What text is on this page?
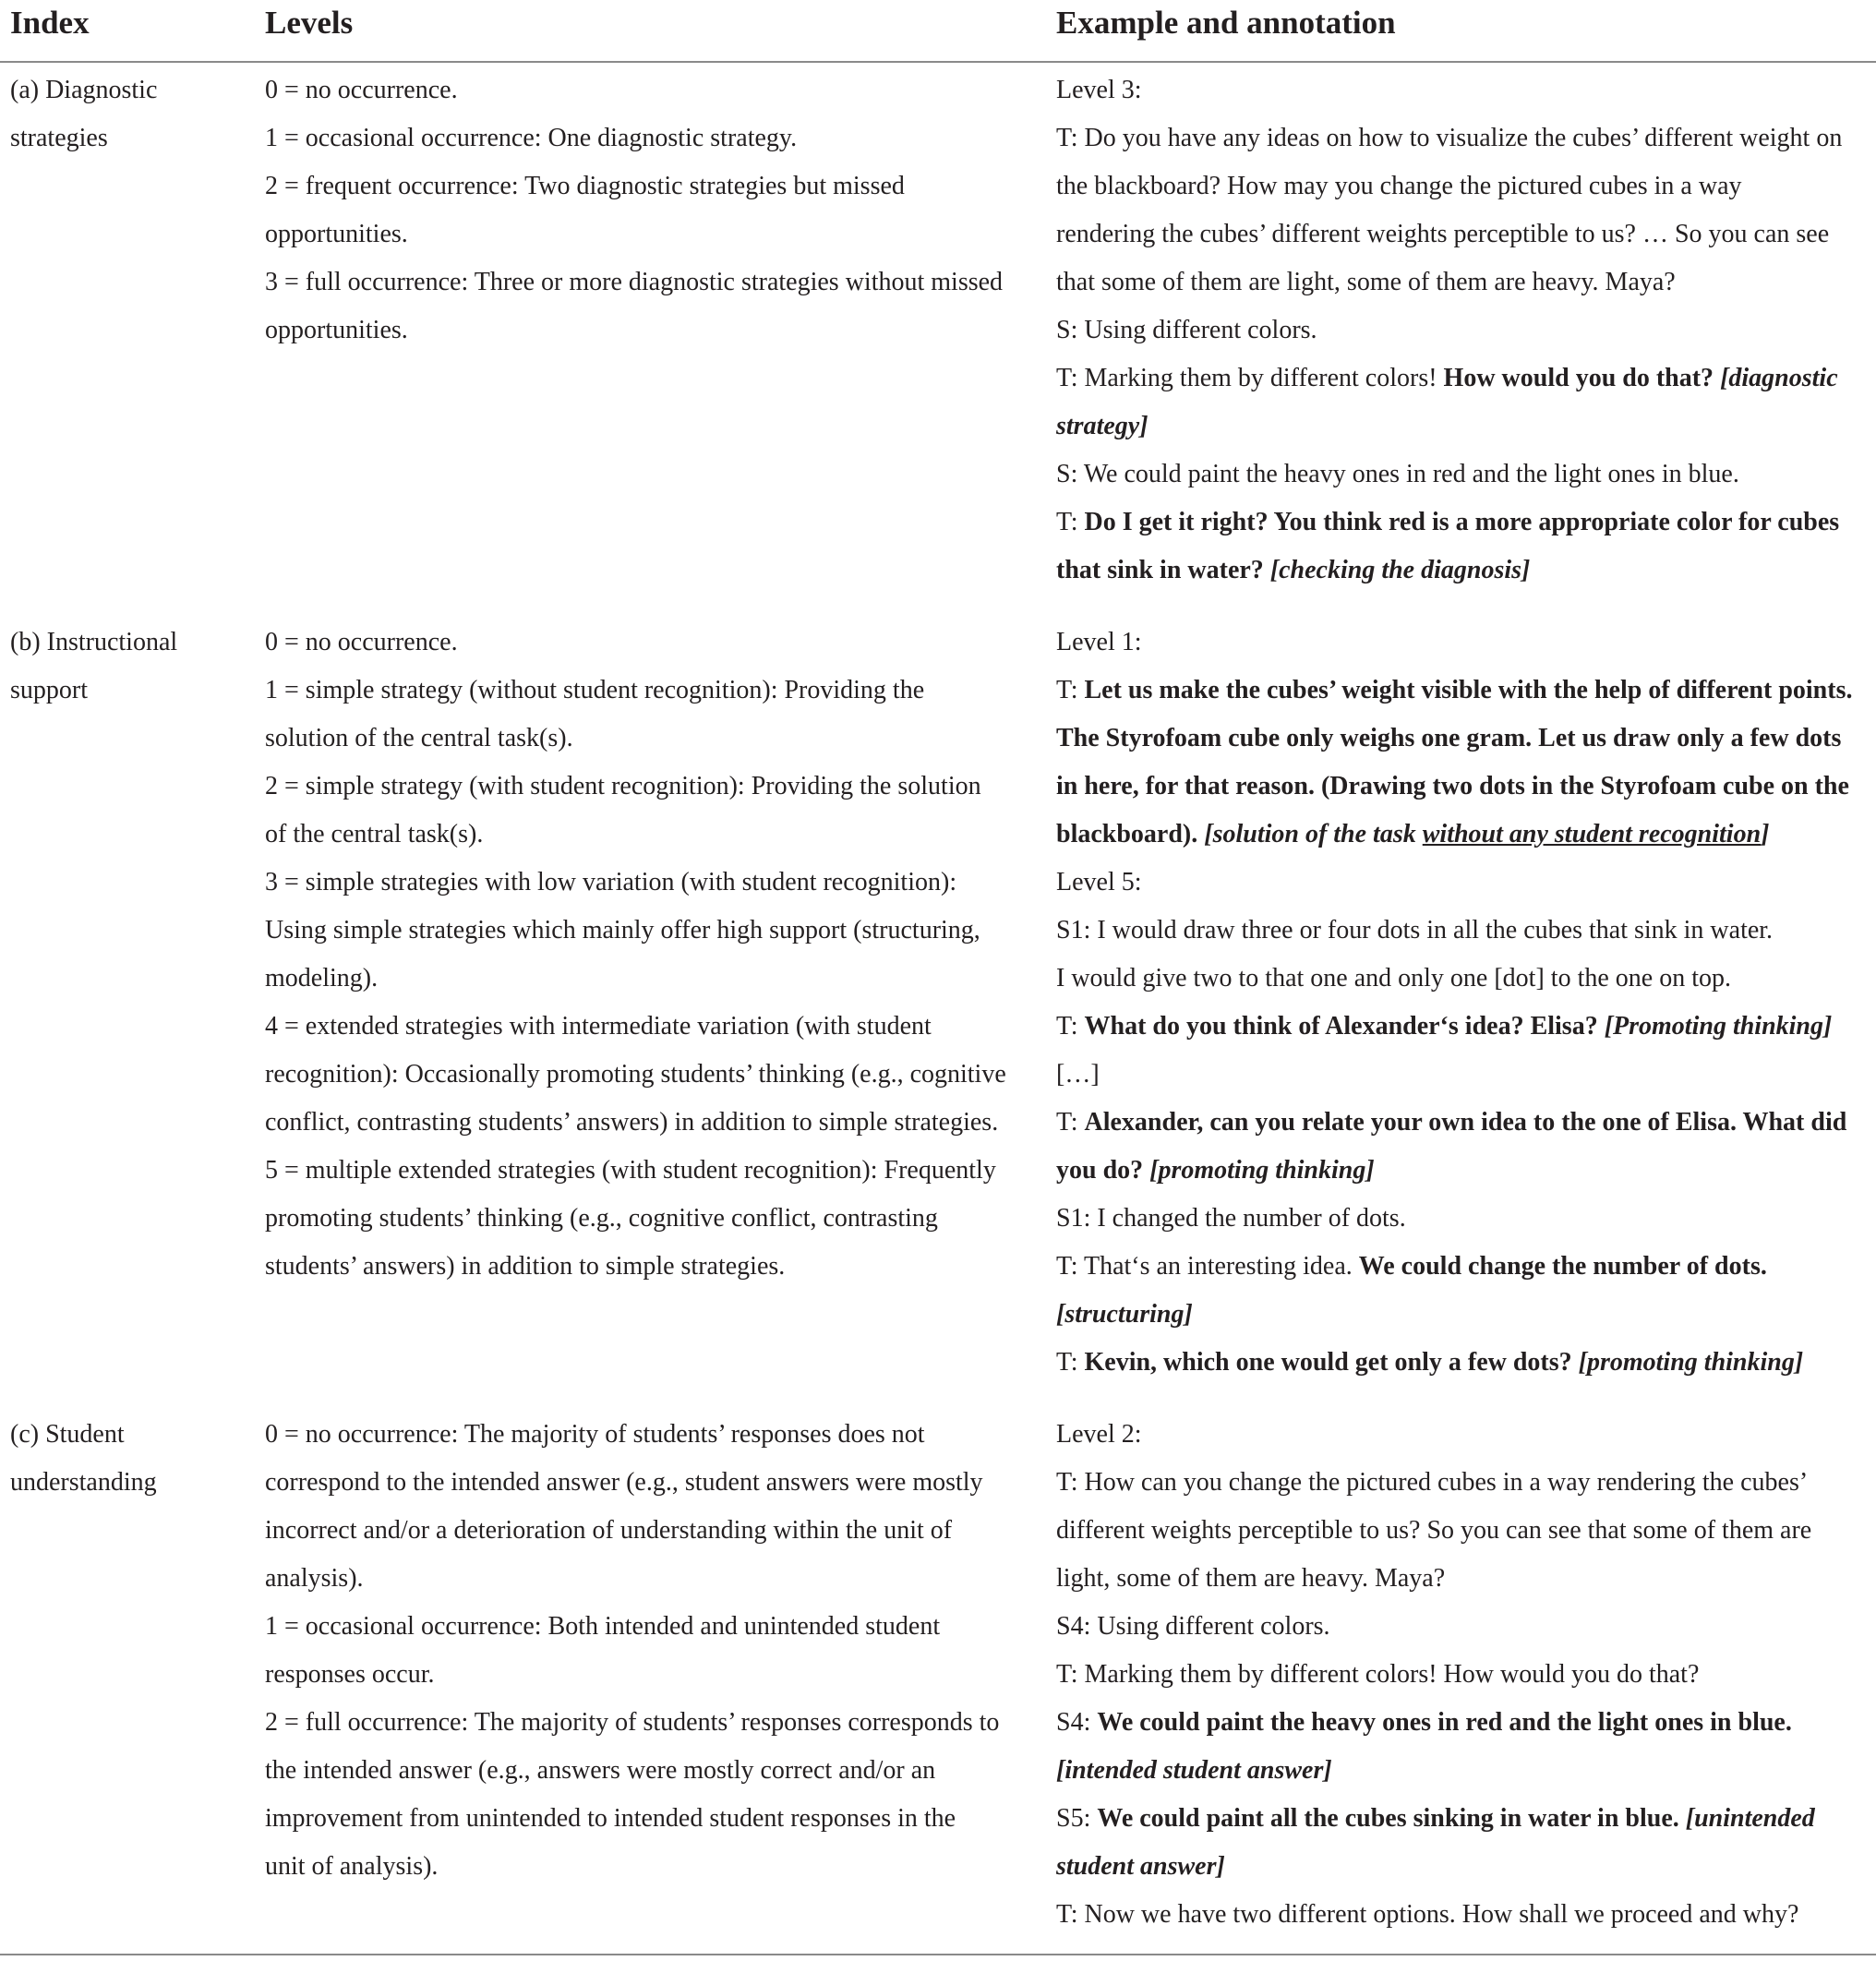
Index	Levels	Example and annotation
(a) Diagnostic
strategies
0 = no occurrence.
1 = occasional occurrence: One diagnostic strategy.
2 = frequent occurrence: Two diagnostic strategies but missed
opportunities.
3 = full occurrence: Three or more diagnostic strategies without missed
opportunities.
Level 3:
T: Do you have any ideas on how to visualize the cubes’ different weight on
the blackboard? How may you change the pictured cubes in a way
rendering the cubes’ different weights perceptible to us? … So you can see
that some of them are light, some of them are heavy. Maya?
S: Using different colors.
T: Marking them by different colors! How would you do that? [diagnostic
strategy]
S: We could paint the heavy ones in red and the light ones in blue.
T: Do I get it right? You think red is a more appropriate color for cubes
that sink in water? [checking the diagnosis]
(b) Instructional
support
0 = no occurrence.
1 = simple strategy (without student recognition): Providing the
solution of the central task(s).
2 = simple strategy (with student recognition): Providing the solution
of the central task(s).
3 = simple strategies with low variation (with student recognition):
Using simple strategies which mainly offer high support (structuring,
modeling).
4 = extended strategies with intermediate variation (with student
recognition): Occasionally promoting students’ thinking (e.g., cognitive
conflict, contrasting students’ answers) in addition to simple strategies.
5 = multiple extended strategies (with student recognition): Frequently
promoting students’ thinking (e.g., cognitive conflict, contrasting
students’ answers) in addition to simple strategies.
Level 1:
T: Let us make the cubes’ weight visible with the help of different points.
The Styrofoam cube only weighs one gram. Let us draw only a few dots
in here, for that reason. (Drawing two dots in the Styrofoam cube on the
blackboard). [solution of the task without any student recognition]
Level 5:
S1: I would draw three or four dots in all the cubes that sink in water.
I would give two to that one and only one [dot] to the one on top.
T: What do you think of Alexander‘s idea? Elisa? [Promoting thinking]
[…]
T: Alexander, can you relate your own idea to the one of Elisa. What did
you do? [promoting thinking]
S1: I changed the number of dots.
T: That‘s an interesting idea. We could change the number of dots.
[structuring]
T: Kevin, which one would get only a few dots? [promoting thinking]
(c) Student
understanding
0 = no occurrence: The majority of students’ responses does not
correspond to the intended answer (e.g., student answers were mostly
incorrect and/or a deterioration of understanding within the unit of
analysis).
1 = occasional occurrence: Both intended and unintended student
responses occur.
2 = full occurrence: The majority of students’ responses corresponds to
the intended answer (e.g., answers were mostly correct and/or an
improvement from unintended to intended student responses in the
unit of analysis).
Level 2:
T: How can you change the pictured cubes in a way rendering the cubes’
different weights perceptible to us? So you can see that some of them are
light, some of them are heavy. Maya?
S4: Using different colors.
T: Marking them by different colors! How would you do that?
S4: We could paint the heavy ones in red and the light ones in blue.
[intended student answer]
S5: We could paint all the cubes sinking in water in blue. [unintended
student answer]
T: Now we have two different options. How shall we proceed and why?
